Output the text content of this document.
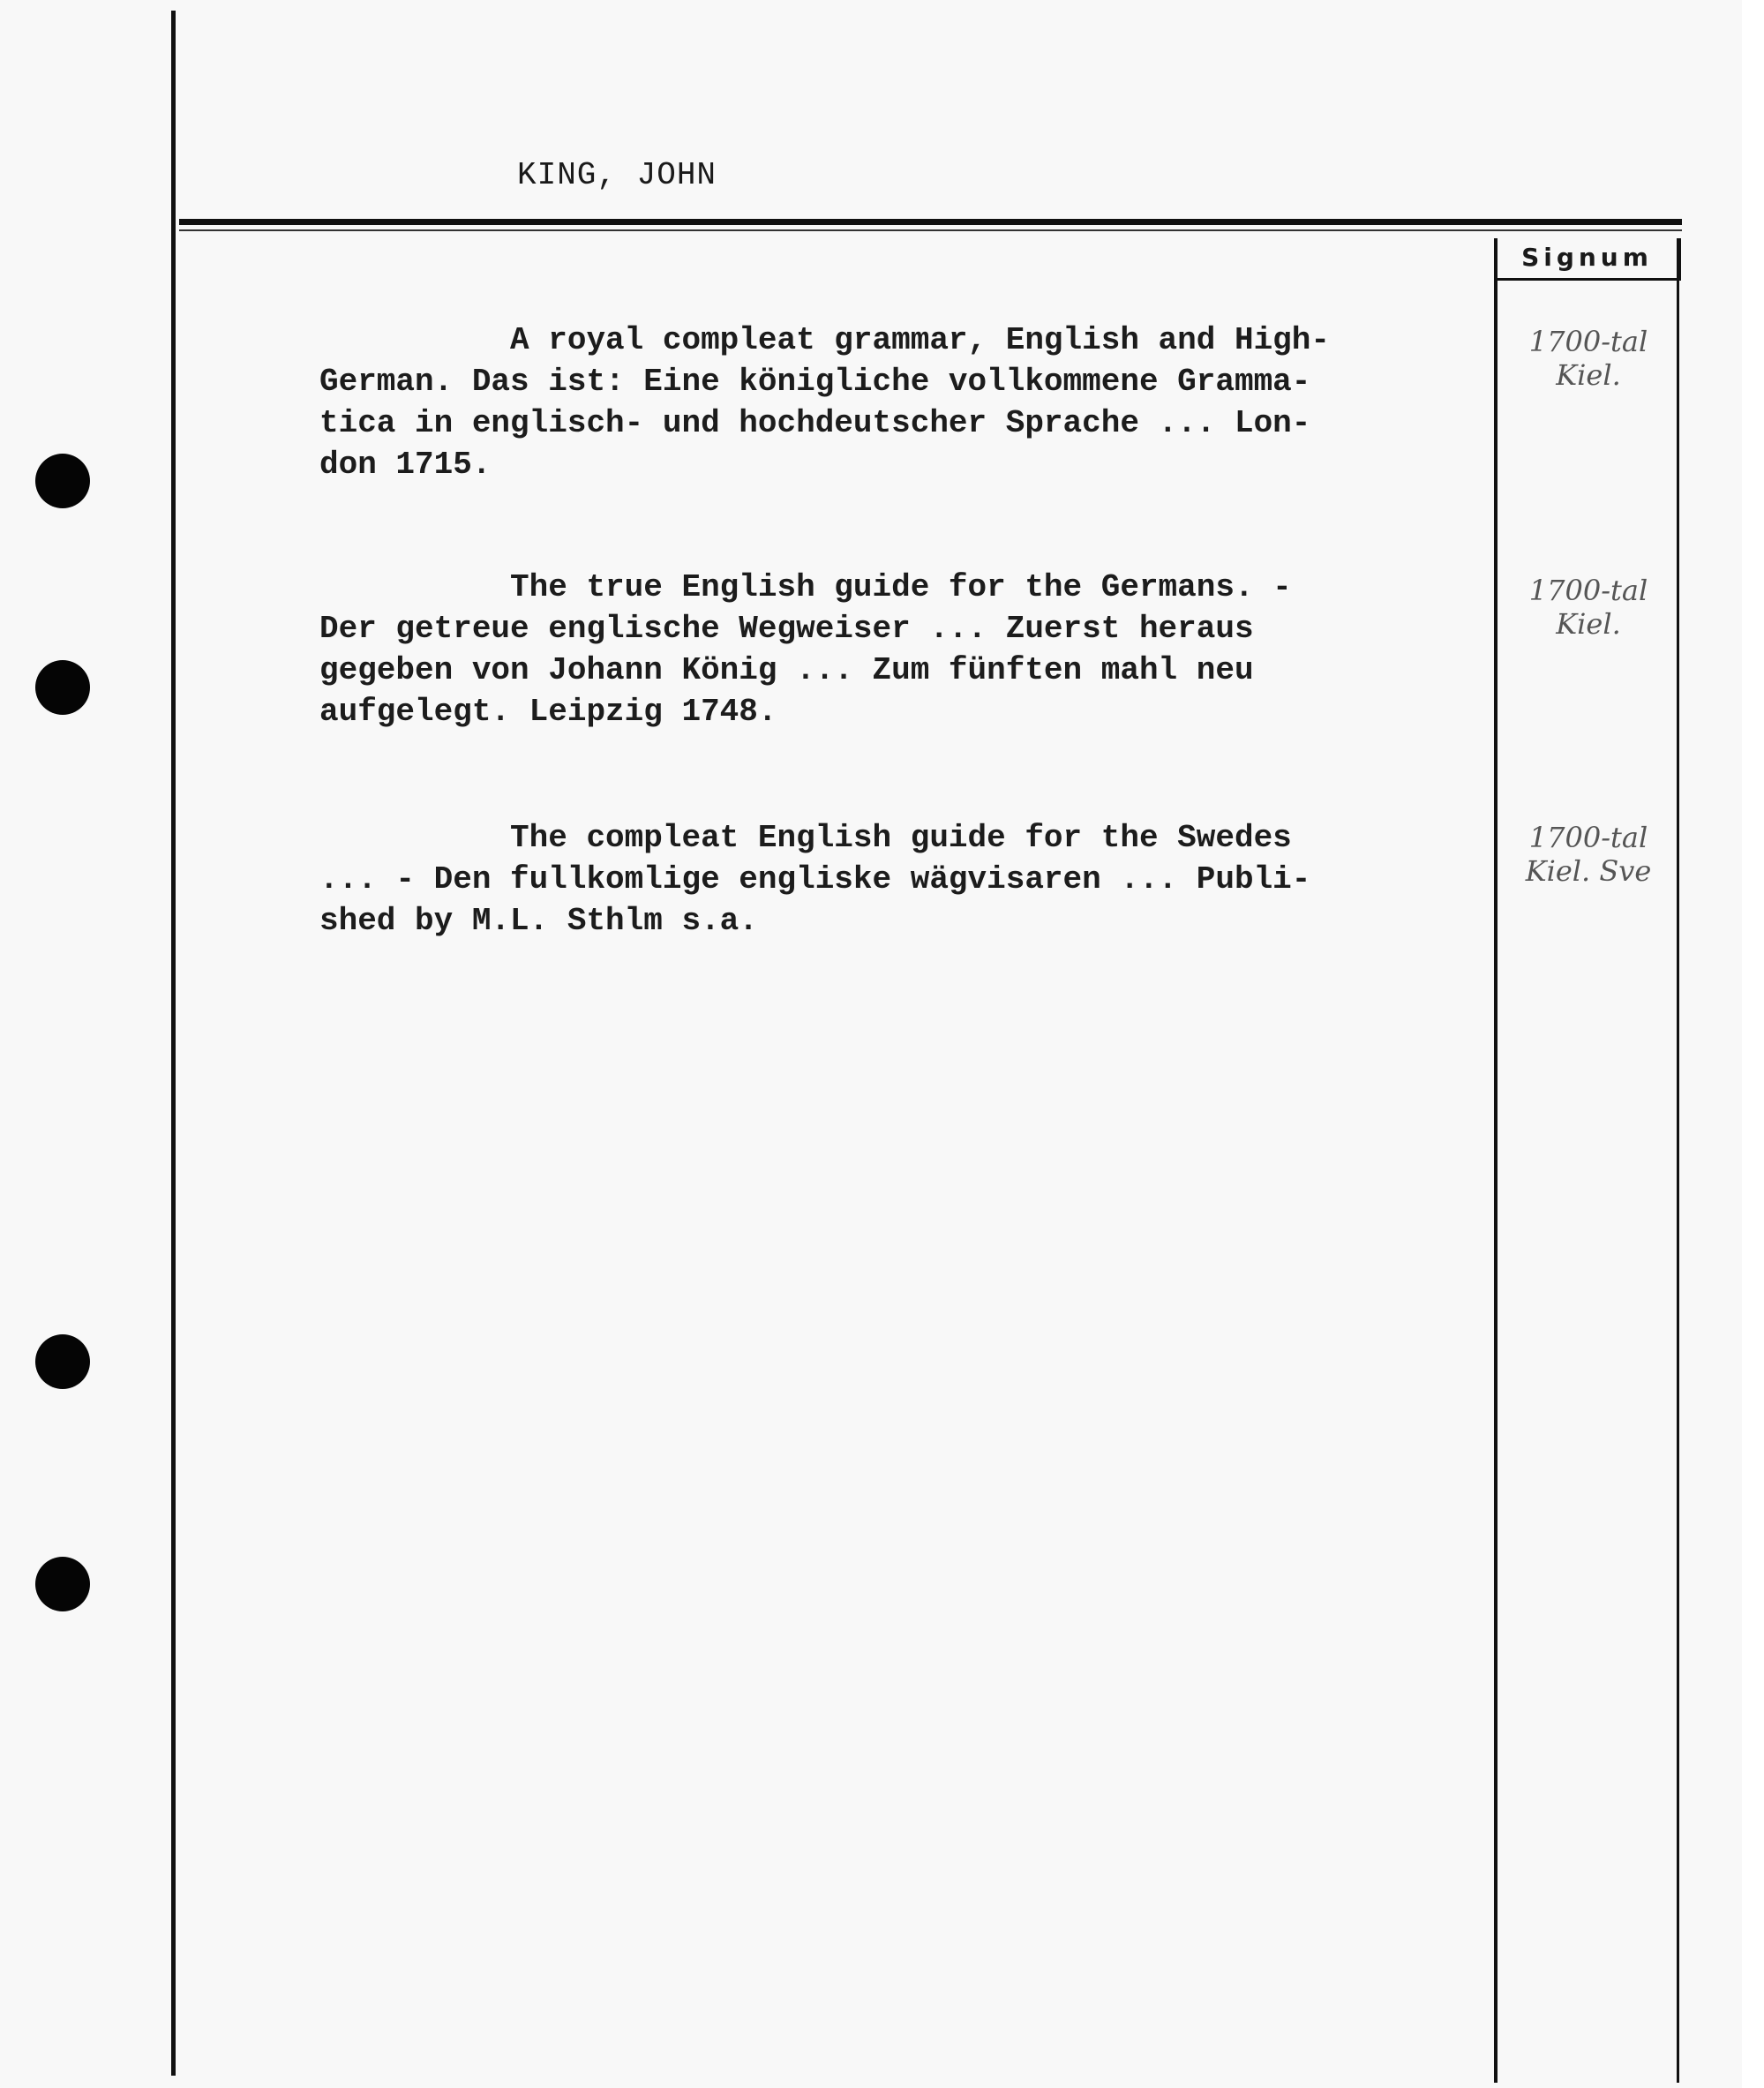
KING, JOHN
Signum
A royal compleat grammar, English and High-
German. Das ist: Eine königliche vollkommene Gramma-
tica in englisch- und hochdeutscher Sprache ... Lon-
don 1715.
1700-tal
Kiel.
The true English guide for the Germans. -
Der getreue englische Wegweiser ... Zuerst heraus
gegeben von Johann König ... Zum fünften mahl neu
aufgelegt. Leipzig 1748.
1700-tal
Kiel.
The compleat English guide for the Swedes
... - Den fullkomlige engliske wägvisaren ... Publi-
shed by M.L. Sthlm s.a.
1700-tal
Kiel. Sve
